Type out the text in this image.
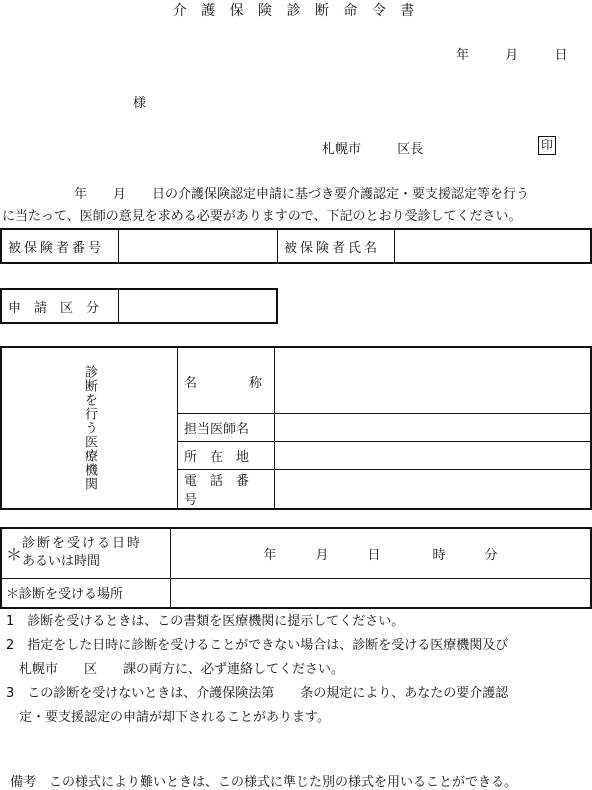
介 護 保 険 診 断 命 令 書
年	月	日
様
札幌市	区長	印
年　　月　　日の介護保険認定申請に基づき要介護認定・要支援認定等を行う
に当たって、医師の意見を求める必要がありますので、下記のとおり受診してください。
被保険者番号		被保険者氏名	
申　請　区　分	
診断を行う医療機関	名　　　　称	
	担当医師名	
	所　在　地	
	電　話　番　号	
＊
診断を受ける日時
あるいは時間	年　　　月　　　日　　　　時　　　分
＊診断を受ける場所	
1　診断を受けるときは、この書類を医療機関に提示してください。
2　指定をした日時に診断を受けることができない場合は、診断を受ける医療機関及び
　札幌市　　区　　課の両方に、必ず連絡してください。
3　この診断を受けないときは、介護保険法第　　条の規定により、あなたの要介護認
　定・要支援認定の申請が却下されることがあります。
備考　この様式により難いときは、この様式に準じた別の様式を用いることができる。
